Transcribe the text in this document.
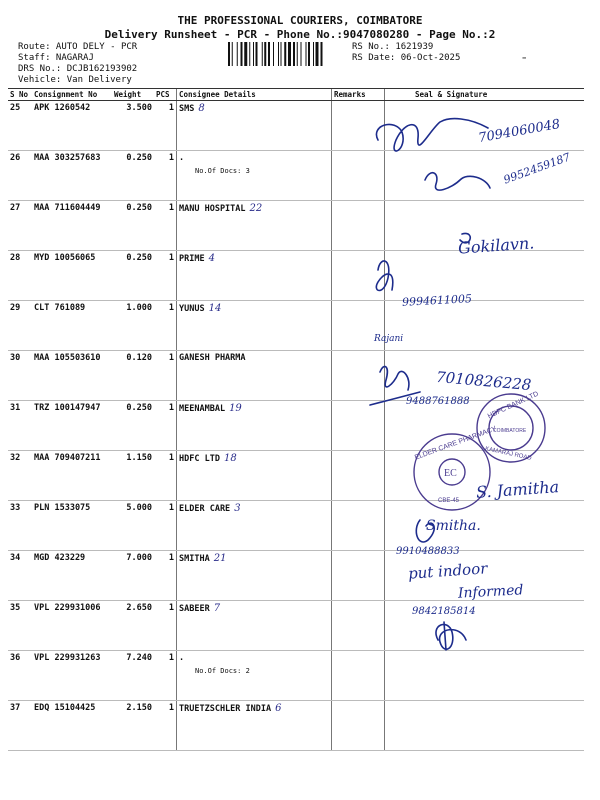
THE PROFESSIONAL COURIERS, COIMBATORE
Delivery Runsheet - PCR - Phone No.:9047080280 - Page No.:2
Route: AUTO DELY - PCR
Staff: NAGARAJ
DRS No.: DCJB162193902
Vehicle: Van Delivery
RS No.: 1621939
RS Date: 06-Oct-2025	-
S No	Consignment No	Weight	PCS	Consignee Details	Remarks	Seal & Signature
25	APK 1260542	3.500	1	SMS 8		
26	MAA 303257683	0.250	1	.
No.Of Docs: 3		

27	MAA 711604449	0.250	1	MANU HOSPITAL 22		
28	MYD 10056065	0.250	1	PRIME 4		
29	CLT 761089	1.000	1	YUNUS 14		
30	MAA 105503610	0.120	1	GANESH PHARMA		
31	TRZ 100147947	0.250	1	MEENAMBAL 19		
32	MAA 709407211	1.150	1	HDFC LTD 18		
33	PLN 1533075	5.000	1	ELDER CARE 3		
34	MGD 423229	7.000	1	SMITHA 21		
35	VPL 229931006	2.650	1	SABEER 7		
36	VPL 229931263	7.240	1	.
No.Of Docs: 2		

37	EDQ 15104425	2.150	1	TRUETZSCHLER INDIA 6		
HDFC BANK LTD
COIMBATORE
KAMARAJ ROAD
ELDER CARE PHARMACY
EC
CBE-45
7094060048
9952459187
Gokilavn.
9994611005
Rajani
7010826228
9488761888
S. Jamitha
Smitha.
9910488833
put indoor
Informed
9842185814
